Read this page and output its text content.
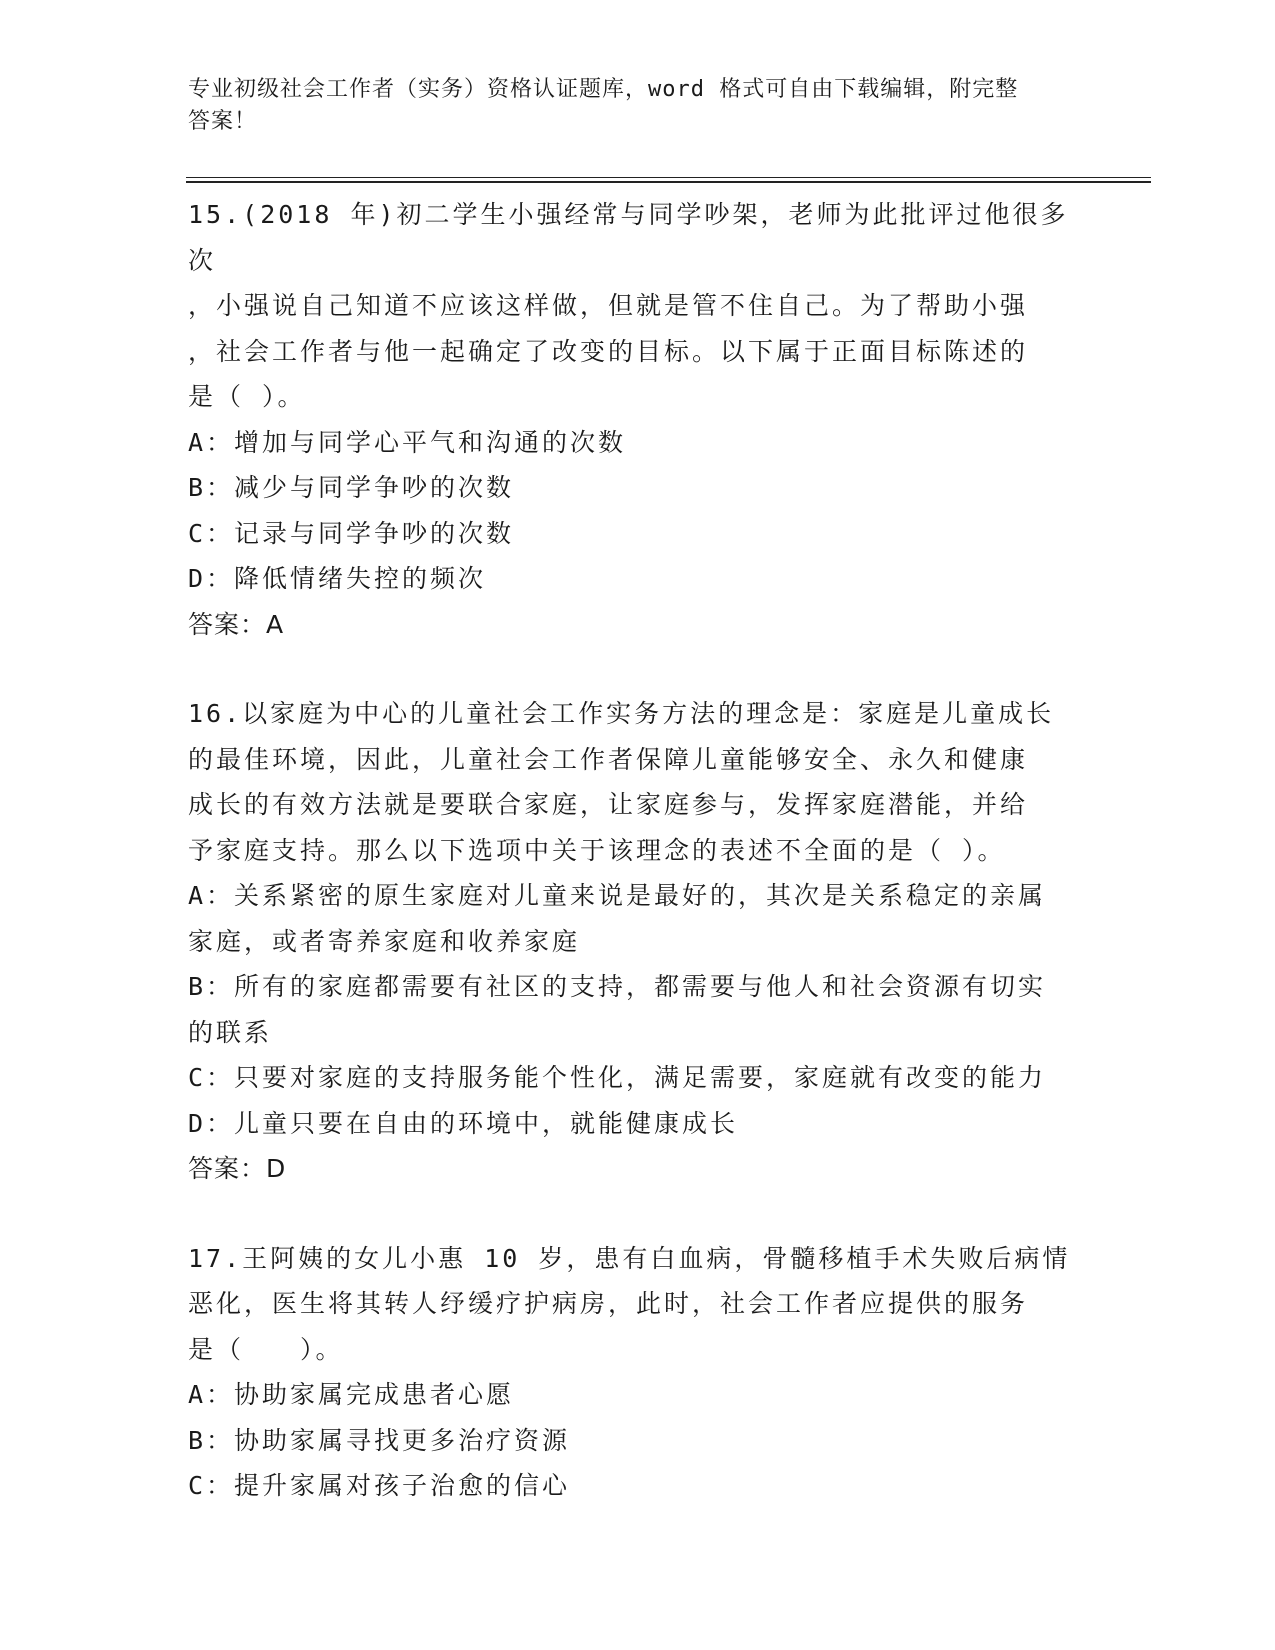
专业初级社会工作者（实务）资格认证题库，word 格式可自由下载编辑，附完整
答案！
15.(2018 年)初二学生小强经常与同学吵架，老师为此批评过他很多次
，小强说自己知道不应该这样做，但就是管不住自己。为了帮助小强
，社会工作者与他一起确定了改变的目标。以下属于正面目标陈述的
是（ ）。
A：增加与同学心平气和沟通的次数
B：减少与同学争吵的次数
C：记录与同学争吵的次数
D：降低情绪失控的频次
答案：A
16.以家庭为中心的儿童社会工作实务方法的理念是：家庭是儿童成长
的最佳环境，因此，儿童社会工作者保障儿童能够安全、永久和健康
成长的有效方法就是要联合家庭，让家庭参与，发挥家庭潜能，并给
予家庭支持。那么以下选项中关于该理念的表述不全面的是（ ）。
A：关系紧密的原生家庭对儿童来说是最好的，其次是关系稳定的亲属
家庭，或者寄养家庭和收养家庭
B：所有的家庭都需要有社区的支持，都需要与他人和社会资源有切实
的联系
C：只要对家庭的支持服务能个性化，满足需要，家庭就有改变的能力
D：儿童只要在自由的环境中，就能健康成长
答案：D
17.王阿姨的女儿小惠 10 岁，患有白血病，骨髓移植手术失败后病情
恶化，医生将其转人纾缓疗护病房，此时，社会工作者应提供的服务
是（　　）。
A：协助家属完成患者心愿
B：协助家属寻找更多治疗资源
C：提升家属对孩子治愈的信心
